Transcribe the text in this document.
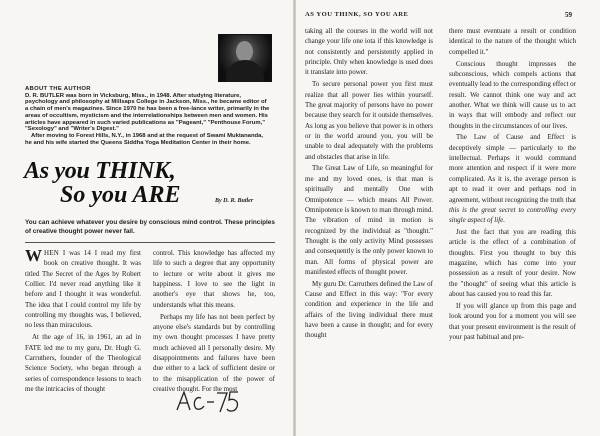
ABOUT THE AUTHOR

D. R. BUTLER was born in Vicksburg, Miss., in 1948. After studying literature, psychology and philosophy at Millsaps College in Jackson, Miss., he became editor of a chain of men's magazines. Since 1970 he has been a free-lance writer, primarily in the areas of occultism, mysticism and the interrelationships between men and women. His articles have appeared in such varied publications as "Pageant," "Penthouse Forum," "Sexology" and "Writer's Digest."

After moving to Forest Hills, N.Y., in 1968 and at the request of Swami Muktananda, he and his wife started the Queens Siddha Yoga Meditation Center in their home.

As you THINK,
So you ARE	By D. R. Butler
You can achieve whatever you desire by conscious mind control. These principles of creative thought power never fail.

WHEN I was 14 I read my first book on creative thought. It was titled The Secret of the Ages by Robert Collier. I'd never read anything like it before and I thought it was wonderful. The idea that I could control my life by controlling my thoughts was, I believed, no less than miraculous.

At the age of 16, in 1961, an ad in FATE led me to my guru, Dr. Hugh G. Carruthers, founder of the Theological Science Society, who began through a series of correspondence lessons to teach me the intricacies of thought

control. This knowledge has affected my life to such a degree that any opportunity to lecture or write about it gives me happiness. I love to see the light in another's eye that shows he, too, understands what this means.

Perhaps my life has not been perfect by anyone else's standards but by controlling my own thought processes I have pretty much achieved all I personally desire. My disappointments and failures have been due either to a lack of sufficient desire or to the misapplication of the power of creative thought. For the most

AS YOU THINK, SO YOU ARE	59

taking all the courses in the world will not change your life one iota if this knowledge is not consistently and persistently applied in principle. Only when knowledge is used does it translate into power.

To secure personal power you first must realize that all power lies within yourself. The great majority of persons have no power because they search for it outside themselves. As long as you believe that power is in others or in the world around you, you will be unable to deal adequately with the problems and obstacles that arise in life.

The Great Law of Life, so meaningful for me and my loved ones, is that man is spiritually and mentally One with Omnipotence — which means All Power. Omnipotence is known to man through mind. The vibration of mind in motion is recognized by the individual as "thought." Thought is the only activity Mind possesses and consequently is the only power known to man. All forms of physical power are manifested effects of thought power.

My guru Dr. Carruthers defined the Law of Cause and Effect in this way: "For every condition and experience in the life and affairs of the living individual there must have been a cause in thought; and for every thought

there must eventuate a result or condition identical to the nature of the thought which compelled it."

Conscious thought impresses the subconscious, which compels actions that eventually lead to the corresponding effect or result. We cannot think one way and act another. What we think will cause us to act in ways that will embody and reflect our thoughts in the circumstances of our lives.

The Law of Cause and Effect is deceptively simple — particularly to the intellectual. Perhaps it would command more attention and respect if it were more complicated. As it is, the average person is apt to read it over and perhaps nod in agreement, without recognizing the truth that this is the great secret to controlling every single aspect of life.

Just the fact that you are reading this article is the effect of a combination of thoughts. First you thought to buy this magazine, which has come into your possession as a result of your desire. Now the "thought" of seeing what this article is about has caused you to read this far.

If you will glance up from this page and look around you for a moment you will see that your present environment is the result of your past habitual and pre-
